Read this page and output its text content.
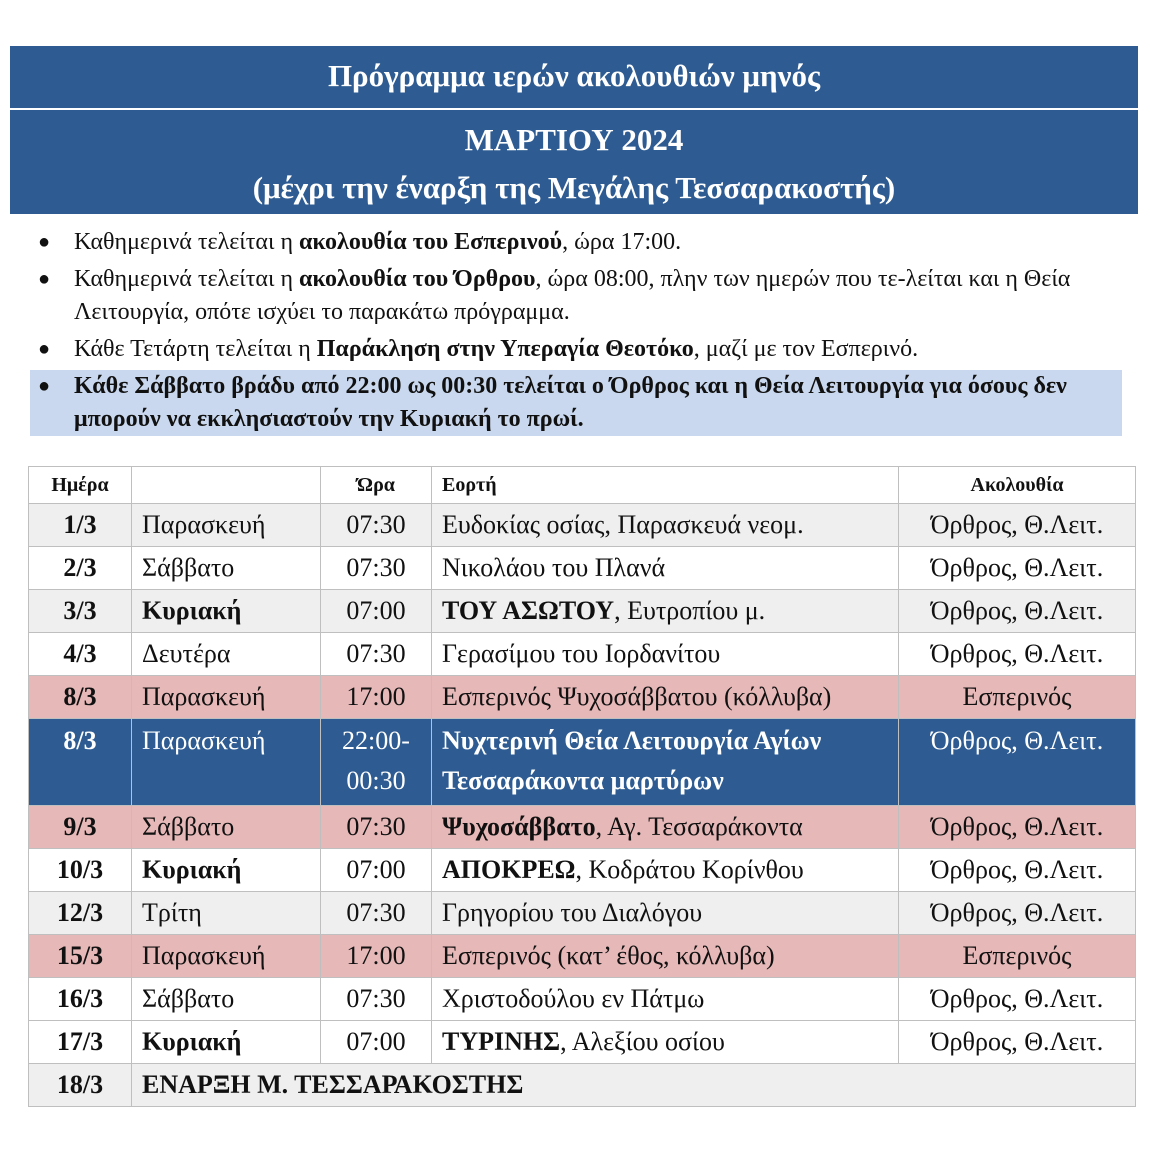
Πρόγραμμα ιερών ακολουθιών μηνός
ΜΑΡΤΙΟΥ 2024
(μέχρι την έναρξη της Μεγάλης Τεσσαρακοστής)
● Καθημερινά τελείται η ακολουθία του Εσπερινού, ώρα 17:00.
● Καθημερινά τελείται η ακολουθία του Όρθρου, ώρα 08:00, πλην των ημερών που τε-λείται και η Θεία Λειτουργία, οπότε ισχύει το παρακάτω πρόγραμμα.
● Κάθε Τετάρτη τελείται η Παράκληση στην Υπεραγία Θεοτόκο, μαζί με τον Εσπερινό.
● Κάθε Σάββατο βράδυ από 22:00 ως 00:30 τελείται ο Όρθρος και η Θεία Λειτουργία για όσους δεν μπορούν να εκκλησιαστούν την Κυριακή το πρωί.
Ημέρα		Ώρα	Εορτή	Ακολουθία
1/3	Παρασκευή	07:30	Ευδοκίας οσίας, Παρασκευά νεομ.	Όρθρος, Θ.Λειτ.
2/3	Σάββατο	07:30	Νικολάου του Πλανά	Όρθρος, Θ.Λειτ.
3/3	Κυριακή	07:00	ΤΟΥ ΑΣΩΤΟΥ, Ευτροπίου μ.	Όρθρος, Θ.Λειτ.
4/3	Δευτέρα	07:30	Γερασίμου του Ιορδανίτου	Όρθρος, Θ.Λειτ.
8/3	Παρασκευή	17:00	Εσπερινός Ψυχοσάββατου (κόλλυβα)	Εσπερινός
8/3	Παρασκευή	22:00-00:30	Νυχτερινή Θεία Λειτουργία Αγίων Τεσσαράκοντα μαρτύρων	Όρθρος, Θ.Λειτ.
9/3	Σάββατο	07:30	Ψυχοσάββατο, Αγ. Τεσσαράκοντα	Όρθρος, Θ.Λειτ.
10/3	Κυριακή	07:00	ΑΠΟΚΡΕΩ, Κοδράτου Κορίνθου	Όρθρος, Θ.Λειτ.
12/3	Τρίτη	07:30	Γρηγορίου του Διαλόγου	Όρθρος, Θ.Λειτ.
15/3	Παρασκευή	17:00	Εσπερινός (κατ’ έθος, κόλλυβα)	Εσπερινός
16/3	Σάββατο	07:30	Χριστοδούλου εν Πάτμω	Όρθρος, Θ.Λειτ.
17/3	Κυριακή	07:00	ΤΥΡΙΝΗΣ, Αλεξίου οσίου	Όρθρος, Θ.Λειτ.
18/3	ΕΝΑΡΞΗ Μ. ΤΕΣΣΑΡΑΚΟΣΤΗΣ			
